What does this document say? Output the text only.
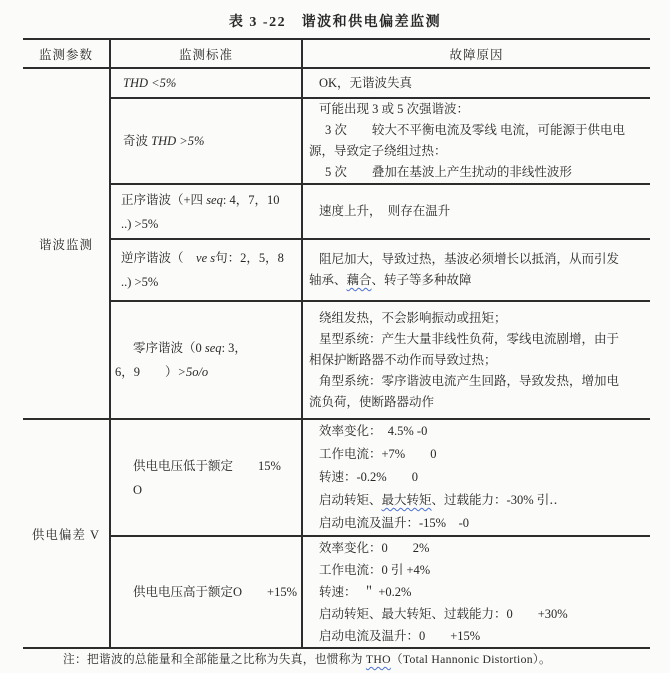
表 3 -22　谐波和供电偏差监测
监测参数	监测标准	故障原因
谐波监测	THD <5%	OK，无谐波失真

	奇波 THD >5%	可能出现 3 或 5 次强谐波：
3 次　　较大不平衡电流及零线 电流，可能源于供电电
源，导致定子绕组过热：
5 次　　叠加在基波上产生扰动的非线性波形

	正序谐波（+四 seq: 4，7，10
..) >5%	速度上升，　则存在温升

	逆序谐波（　ve s句：2，5，8
..) >5%	阻尼加大，导致过热，基波必须增长以抵消，从而引发
轴承、藕合、转子等多种故障

	零序谐波（0 seq: 3，
6，9　　）>5o/o	绕组发热，不会影响振动或扭矩；
星型系统：产生大量非线性负荷，零线电流剧增，由于
相保护断路器不动作而导致过热；
角型系统：零序谐波电流产生回路，导致发热，增加电
流负荷，使断路器动作

供电偏差 V	供电电压低于额定　　15%　O	效率变化：　4.5% -0
工作电流：+7%　　0
转速：-0.2%　　0
启动转矩、最大转矩、过载能力：-30% 引‥
启动电流及温升：-15%　-0

	供电电压高于额定O　　+15%	效率变化：0　　2%
工作电流：0 引 +4%
转速：　＂ +0.2%
启动转矩、最大转矩、过载能力：0　　+30%
启动电流及温升：0　　+15%
注：把谐波的总能量和全部能量之比称为失真，也惯称为 THO（Total Hannonic Distortion）。
